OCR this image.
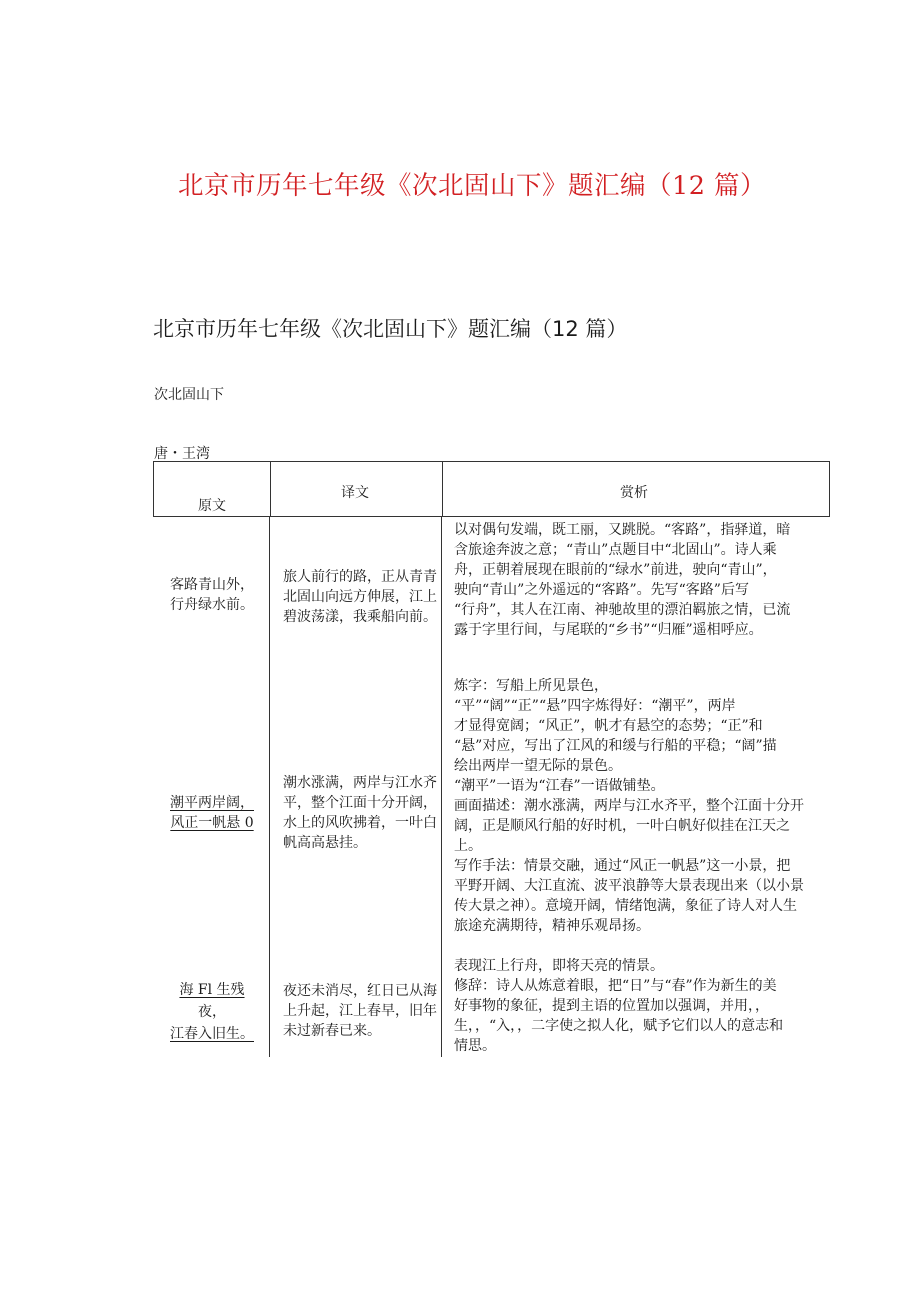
北京市历年七年级《次北固山下》题汇编（12 篇）
北京市历年七年级《次北固山下》题汇编（12 篇）
次北固山下
唐・王湾
原文
译文	赏析
客路青山外，
行舟绿水前。
旅人前行的路，正从青青
北固山向远方伸展，江上
碧波荡漾，我乘船向前。

以对偶句发端，既工丽，又跳脱。“客路”，指驿道，暗

含旅途奔波之意；“青山”点题目中“北固山”。诗人乘

舟，正朝着展现在眼前的“绿水”前进，驶向“青山”，

驶向“青山”之外遥远的“客路”。先写“客路”后写

“行舟”，其人在江南、神驰故里的漂泊羁旅之情，已流

露于字里行间，与尾联的“乡书”“归雁”遥相呼应。

潮平两岸阔，
风正一帆悬 0
潮水涨满，两岸与江水齐
平，整个江面十分开阔，
水上的风吹拂着，一叶白
帆高高悬挂。

炼字：写船上所见景色，

“平”“阔”“正”“悬”四字炼得好：“潮平”，两岸

才显得宽阔；“风正”，帆才有悬空的态势；“正”和

“悬”对应，写出了江风的和缓与行船的平稳；“阔”描

绘出两岸一望无际的景色。

“潮平”一语为“江春”一语做铺垫。

画面描述：潮水涨满，两岸与江水齐平，整个江面十分开

阔，正是顺风行船的好时机，一叶白帆好似挂在江天之

上。

写作手法：情景交融，通过“风正一帆悬”这一小景，把

平野开阔、大江直流、波平浪静等大景表现出来（以小景

传大景之神）。意境开阔，情绪饱满，象征了诗人对人生

旅途充满期待，精神乐观昂扬。

海 Fl 生残
夜，
江春入旧生。
夜还未消尽，红日已从海
上升起，江上春早，旧年
未过新春已来。

表现江上行舟，即将天亮的情景。

修辞：诗人从炼意着眼，把“日”与“春”作为新生的美

好事物的象征，提到主语的位置加以强调，并用，，

生，，“入，，二字使之拟人化，赋予它们以人的意志和

情思。
